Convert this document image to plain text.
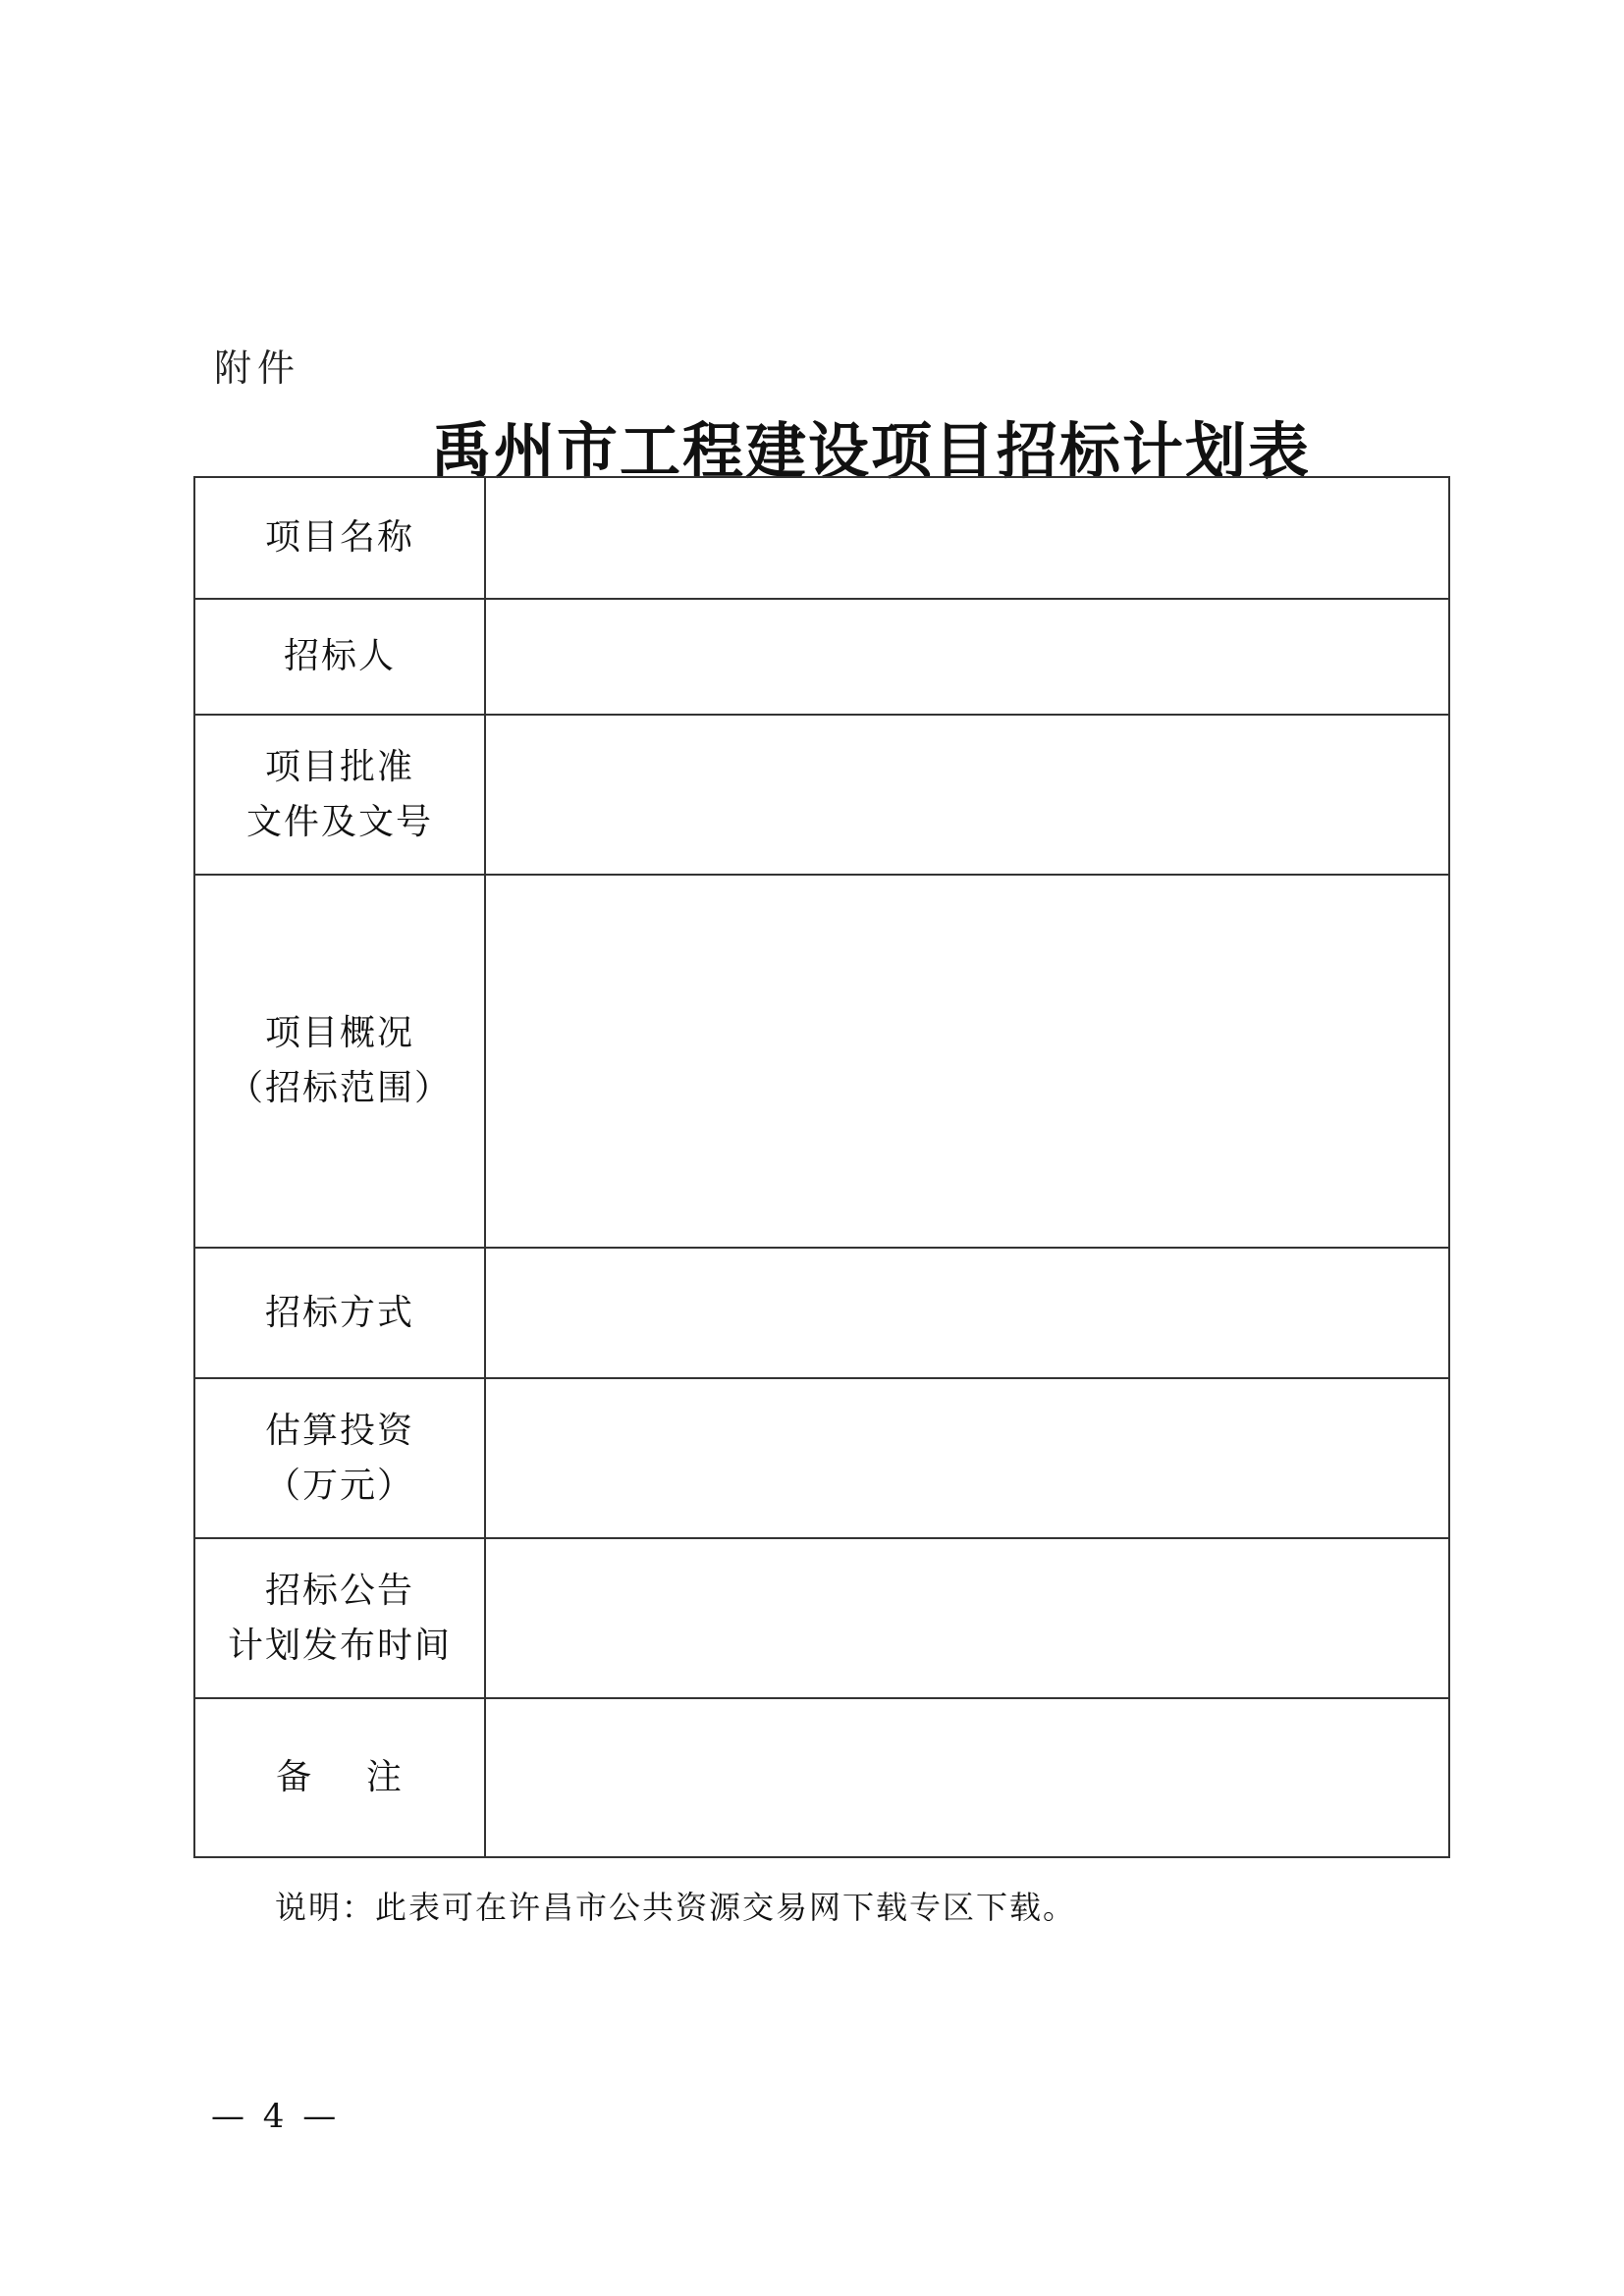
附件
禹州市工程建设项目招标计划表
项目名称	

招标人	

项目批准
文件及文号	

项目概况
（招标范围）	

招标方式	

估算投资
（万元）	

招标公告
计划发布时间	

备    注	

说明：此表可在许昌市公共资源交易网下载专区下载。
— 4 —
